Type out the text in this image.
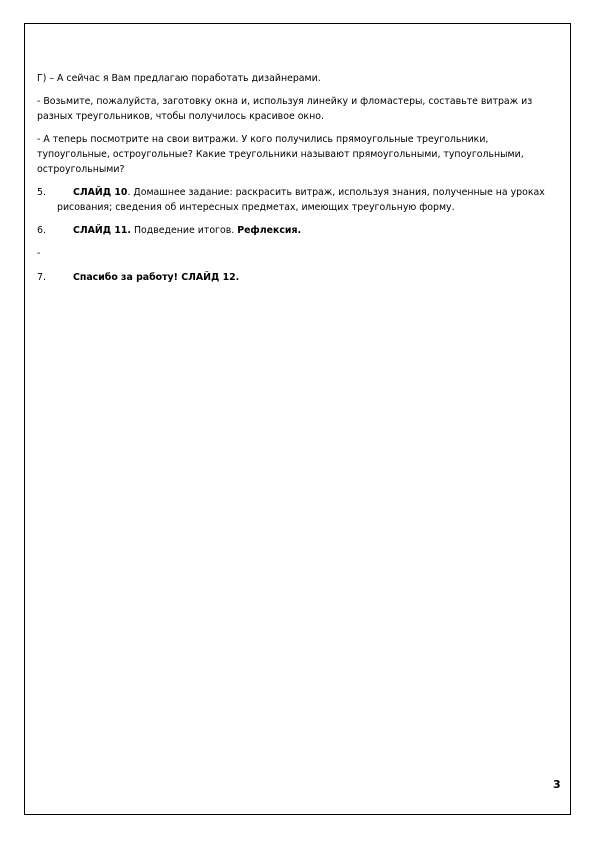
Г) – А сейчас я Вам предлагаю поработать дизайнерами.

- Возьмите, пожалуйста, заготовку окна и, используя линейку и фломастеры, составьте витраж из разных треугольников, чтобы получилось красивое окно.

- А теперь посмотрите на свои витражи. У кого получились прямоугольные треугольники, тупоугольные, остроугольные? Какие треугольники называют прямоугольными, тупоугольными, остроугольными?

5.	СЛАЙД 10. Домашнее задание: раскрасить витраж, используя знания, полученные на уроках рисования; сведения об интересных предметах, имеющих треугольную форму.
6.	СЛАЙД 11. Подведение итогов. Рефлексия.

-

7.	Спасибо за работу! СЛАЙД 12.
3
